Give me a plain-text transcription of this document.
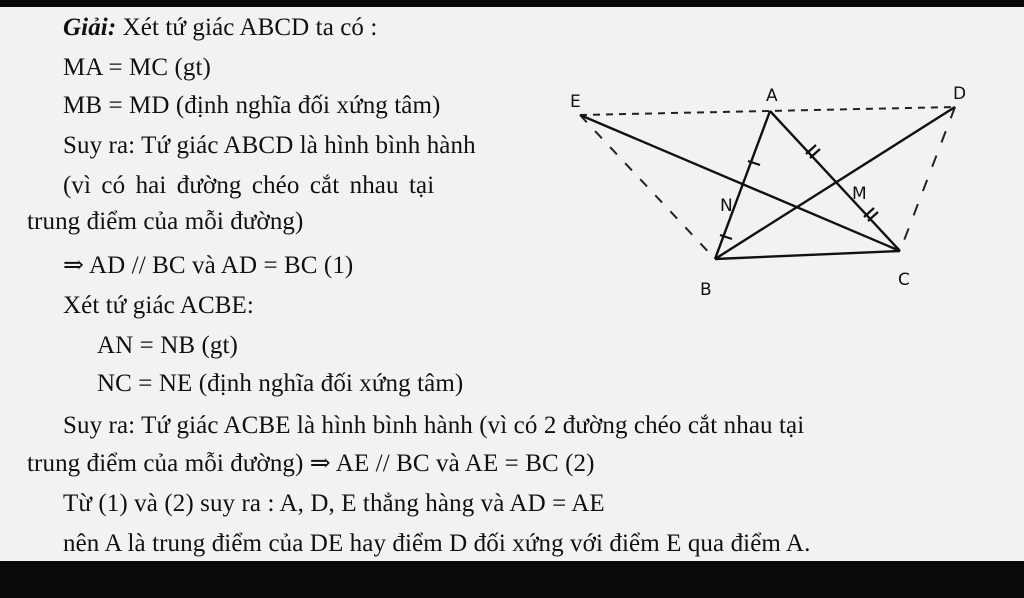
Giải: Xét tứ giác ABCD ta có :
MA = MC (gt)
MB = MD (định nghĩa đối xứng tâm)
Suy ra: Tứ giác ABCD là hình bình hành
(vì có hai đường chéo cắt nhau tại
trung điểm của mỗi đường)
⇒ AD // BC và AD = BC (1)
Xét tứ giác ACBE:
AN = NB (gt)
NC = NE (định nghĩa đối xứng tâm)
Suy ra: Tứ giác ACBE là hình bình hành (vì có 2 đường chéo cắt nhau tại
trung điểm của mỗi đường) ⇒ AE // BC và AE = BC (2)
Từ (1) và (2) suy ra : A, D, E thẳng hàng và AD = AE
nên A là trung điểm của DE hay điểm D đối xứng với điểm E qua điểm A.
A
B	C
D
E
M
N
